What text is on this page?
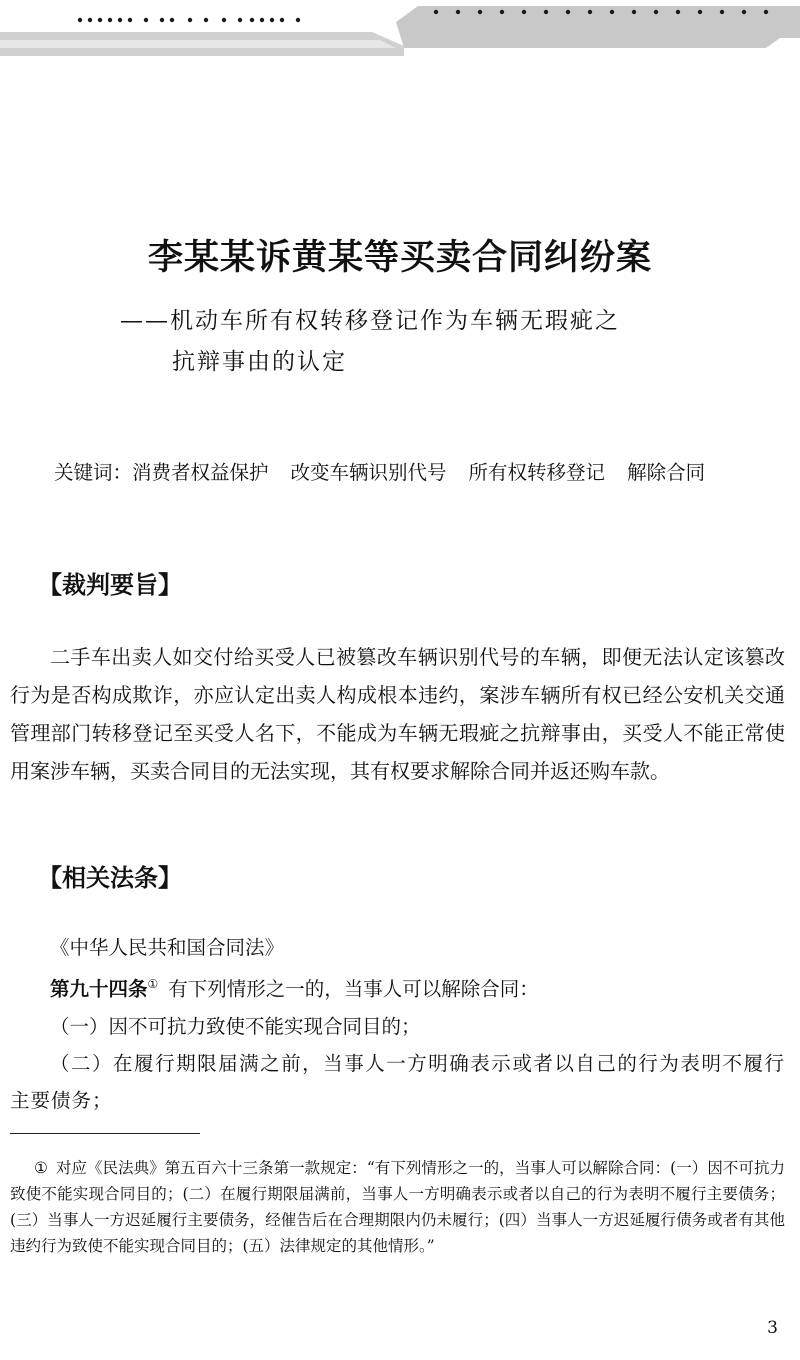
李某某诉黄某等买卖合同纠纷案

——机动车所有权转移登记作为车辆无瑕疵之

抗辩事由的认定

关键词：消费者权益保护 改变车辆识别代号 所有权转移登记 解除合同

【裁判要旨】

二手车出卖人如交付给买受人已被篡改车辆识别代号的车辆，即便无法认定该篡改行为是否构成欺诈，亦应认定出卖人构成根本违约，案涉车辆所有权已经公安机关交通管理部门转移登记至买受人名下，不能成为车辆无瑕疵之抗辩事由，买受人不能正常使用案涉车辆，买卖合同目的无法实现，其有权要求解除合同并返还购车款。

【相关法条】

《中华人民共和国合同法》

第九十四条① 有下列情形之一的，当事人可以解除合同：

（一）因不可抗力致使不能实现合同目的；

（二）在履行期限届满之前，当事人一方明确表示或者以自己的行为表明不履行主要债务；

① 对应《民法典》第五百六十三条第一款规定：“有下列情形之一的，当事人可以解除合同：(一）因不可抗力致使不能实现合同目的；(二）在履行期限届满前，当事人一方明确表示或者以自己的行为表明不履行主要债务；(三）当事人一方迟延履行主要债务，经催告后在合理期限内仍未履行；(四）当事人一方迟延履行债务或者有其他违约行为致使不能实现合同目的；(五）法律规定的其他情形。”

3
